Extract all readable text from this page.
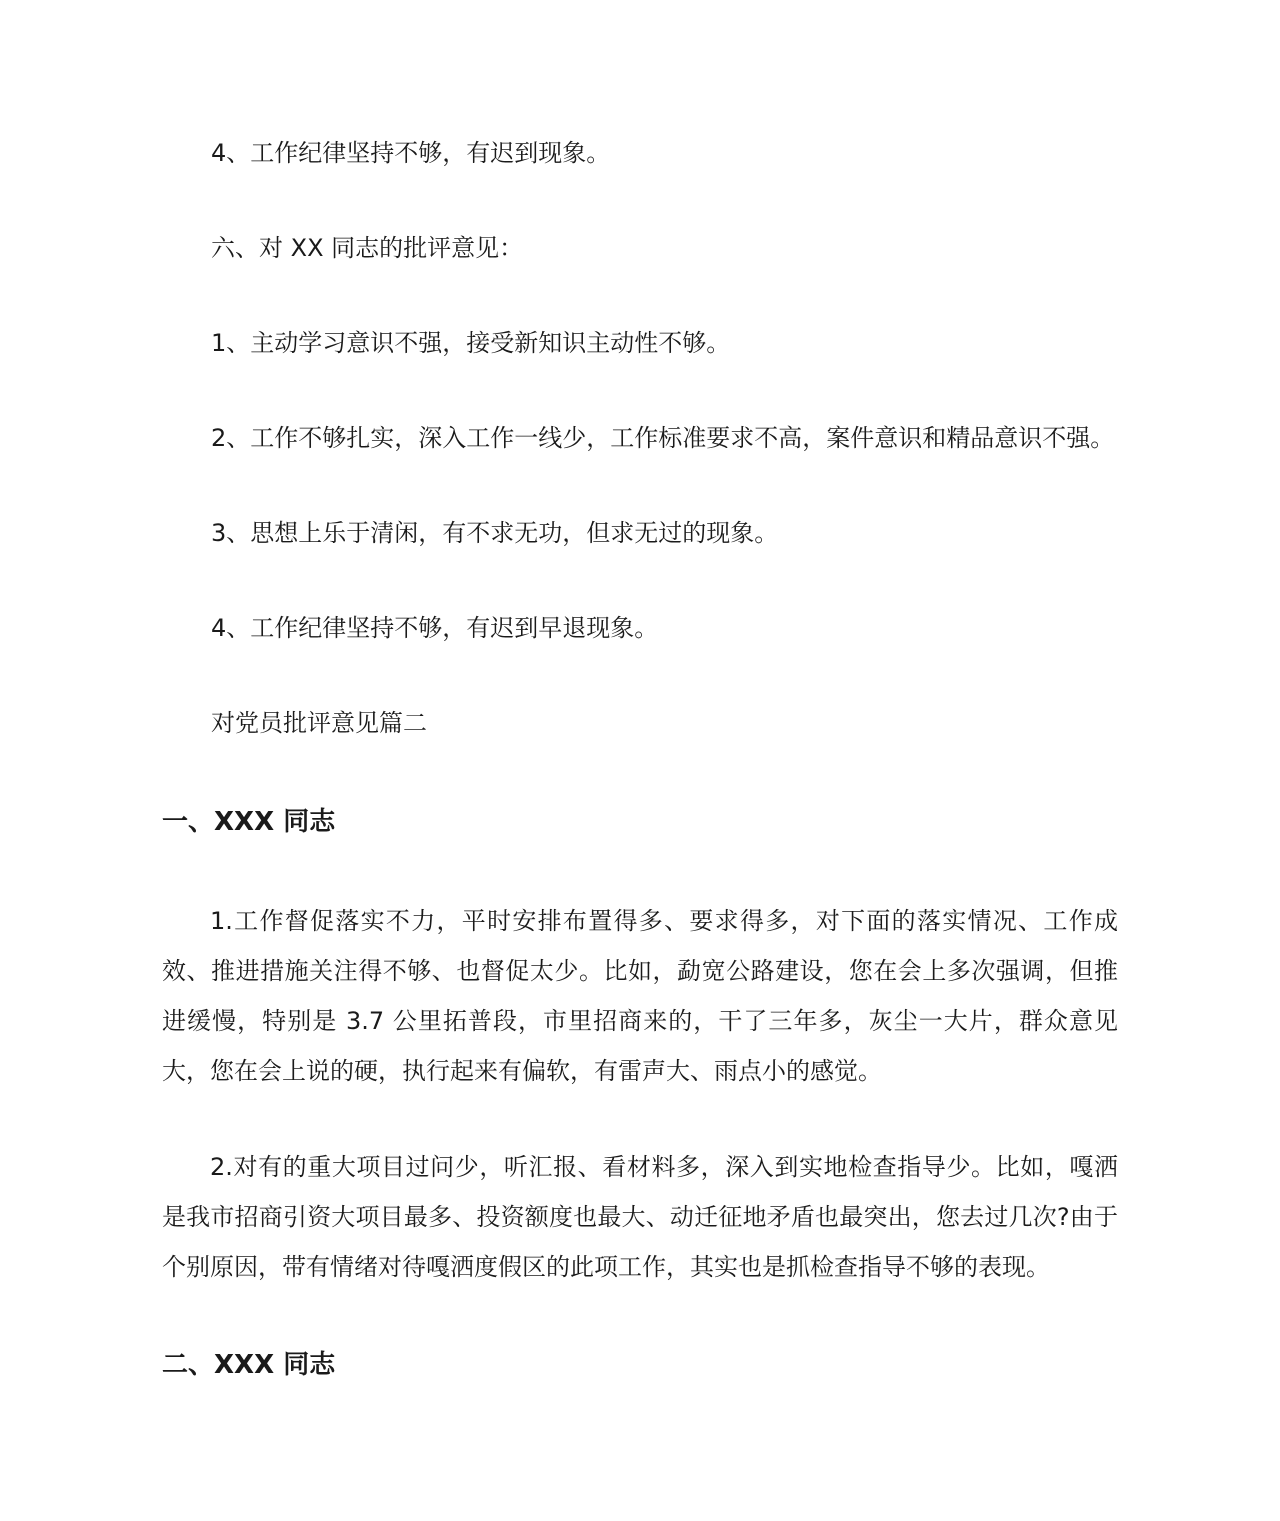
4、工作纪律坚持不够，有迟到现象。
六、对 XX 同志的批评意见：
1、主动学习意识不强，接受新知识主动性不够。
2、工作不够扎实，深入工作一线少，工作标准要求不高，案件意识和精品意识不强。
3、思想上乐于清闲，有不求无功，但求无过的现象。
4、工作纪律坚持不够，有迟到早退现象。
对党员批评意见篇二
一、XXX 同志
1.工作督促落实不力，平时安排布置得多、要求得多，对下面的落实情况、工作成效、推进措施关注得不够、也督促太少。比如，勐宽公路建设，您在会上多次强调，但推进缓慢，特别是 3.7 公里拓普段，市里招商来的，干了三年多，灰尘一大片，群众意见大，您在会上说的硬，执行起来有偏软，有雷声大、雨点小的感觉。
2.对有的重大项目过问少，听汇报、看材料多，深入到实地检查指导少。比如，嘎洒是我市招商引资大项目最多、投资额度也最大、动迁征地矛盾也最突出，您去过几次?由于个别原因，带有情绪对待嘎洒度假区的此项工作，其实也是抓检查指导不够的表现。
二、XXX 同志
